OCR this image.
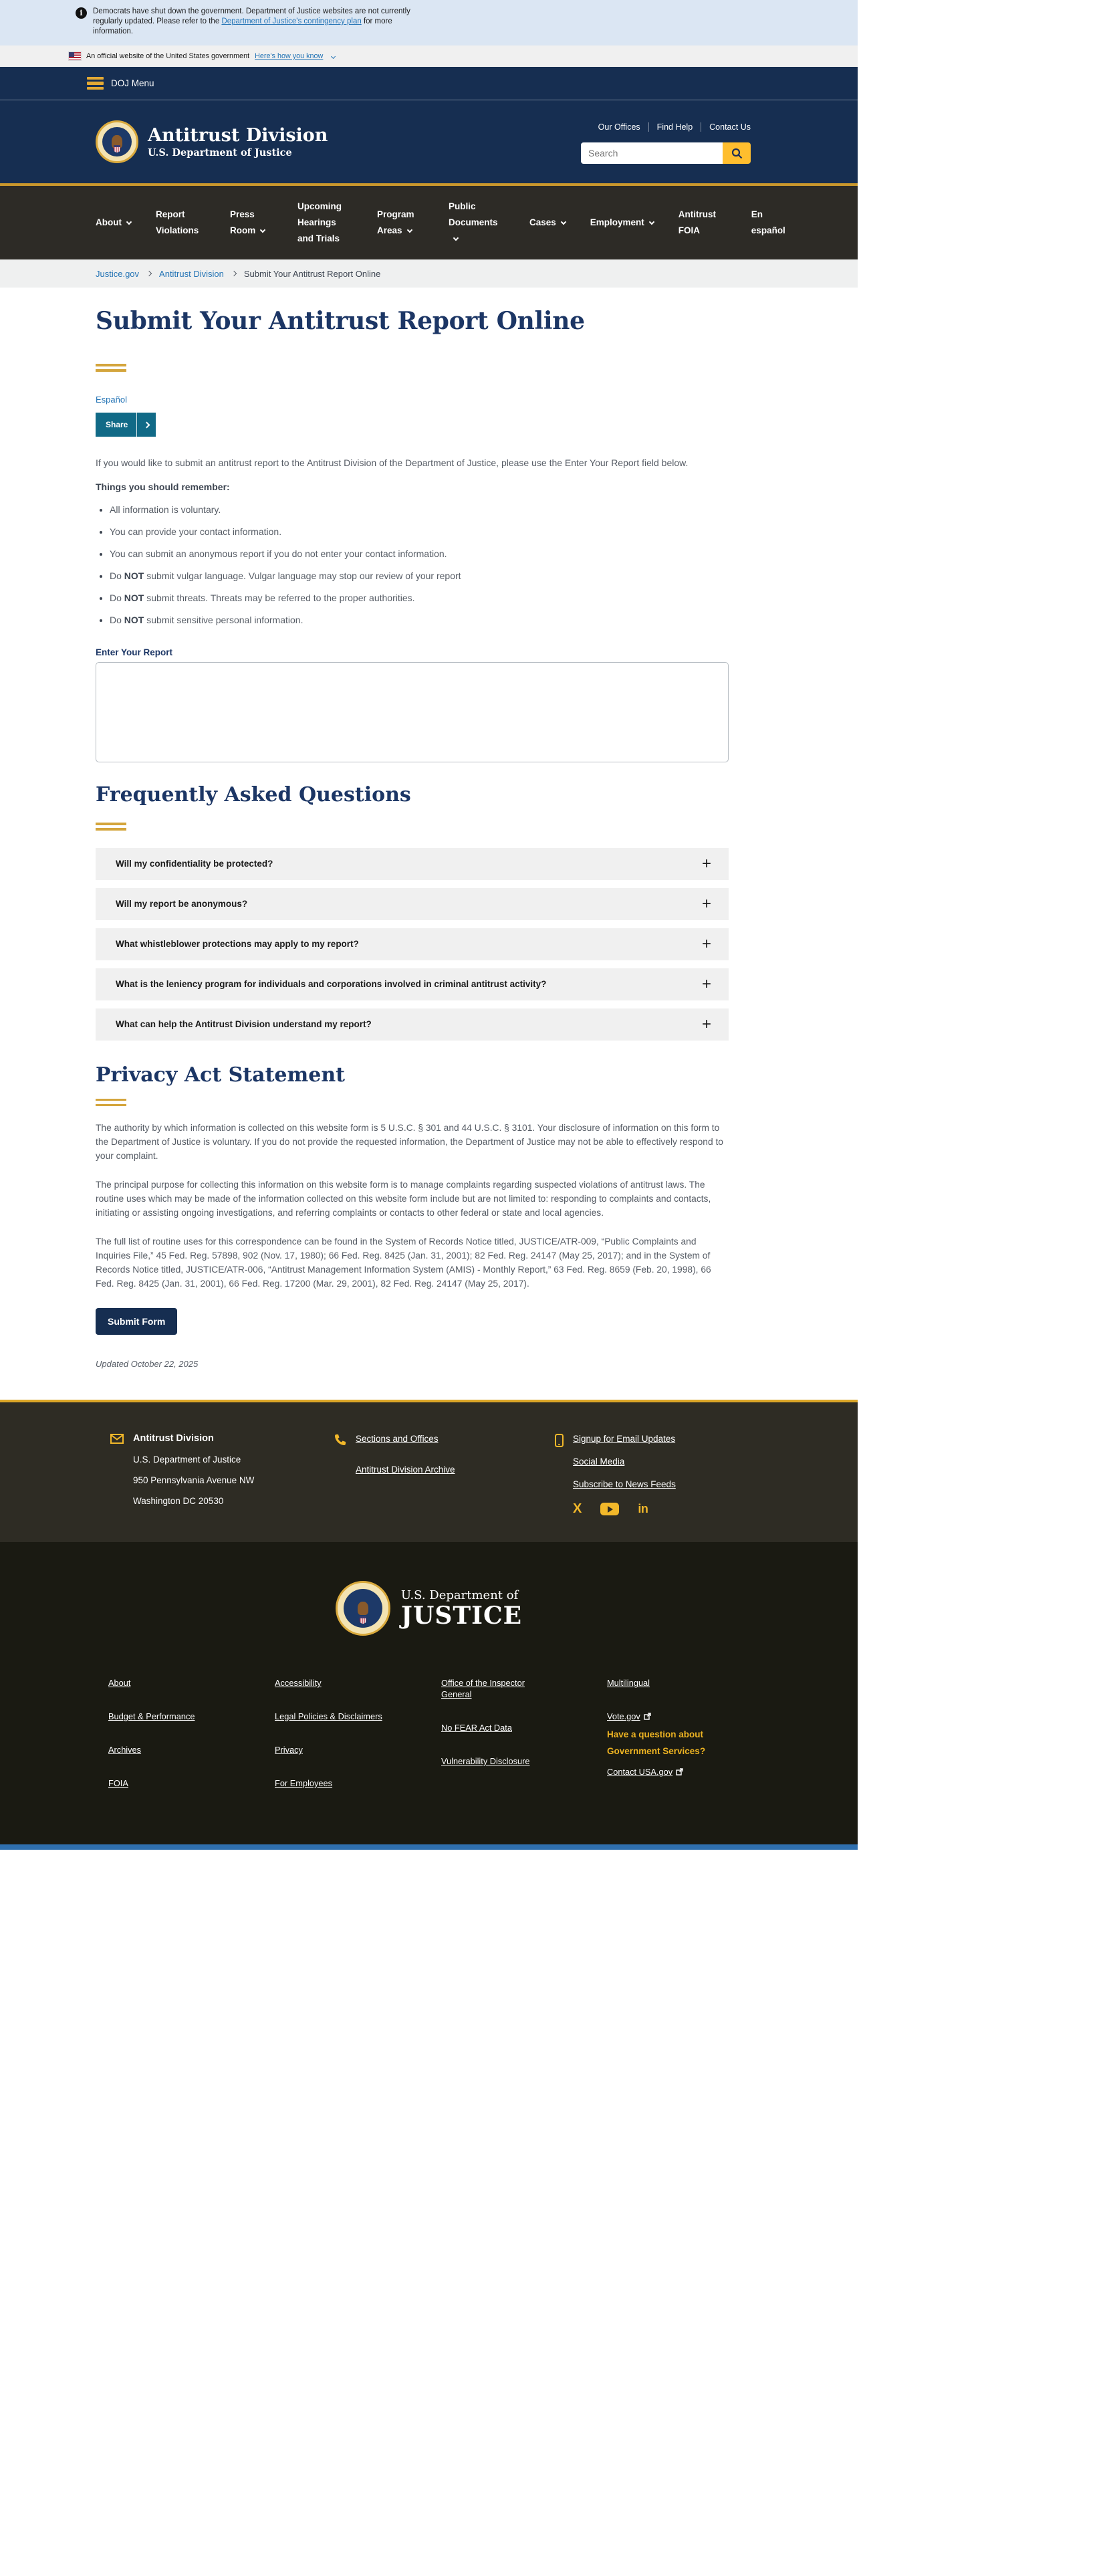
i	Democrats have shut down the government. Department of Justice websites are not currently regularly updated. Please refer to the Department of Justice's contingency plan for more information.

An official website of the United States government Here's how you know
DOJ Menu
Antitrust Division
U.S. Department of Justice
Our Offices	Find Help	Contact Us
Search
About
Report Violations
Press Room
Upcoming Hearings and Trials
Program Areas
Public Documents	Cases	Employment
Antitrust FOIA
En español
Justice.gov Antitrust Division Submit Your Antitrust Report Online
Submit Your Antitrust Report Online
Español

Share

If you would like to submit an antitrust report to the Antitrust Division of the Department of Justice, please use the Enter Your Report field below.

Things you should remember:

• All information is voluntary.
• You can provide your contact information.
• You can submit an anonymous report if you do not enter your contact information.
• Do NOT submit vulgar language. Vulgar language may stop our review of your report
• Do NOT submit threats. Threats may be referred to the proper authorities.
• Do NOT submit sensitive personal information.
Enter Your Report
Frequently Asked Questions
Will my confidentiality be protected?	+
Will my report be anonymous?	+
What whistleblower protections may apply to my report?	+
What is the leniency program for individuals and corporations involved in criminal antitrust activity?	+
What can help the Antitrust Division understand my report?	+
Privacy Act Statement

The authority by which information is collected on this website form is 5 U.S.C. § 301 and 44 U.S.C. § 3101. Your disclosure of information on this form to the Department of Justice is voluntary. If you do not provide the requested information, the Department of Justice may not be able to effectively respond to your complaint.

The principal purpose for collecting this information on this website form is to manage complaints regarding suspected violations of antitrust laws. The routine uses which may be made of the information collected on this website form include but are not limited to: responding to complaints and contacts, initiating or assisting ongoing investigations, and referring complaints or contacts to other federal or state and local agencies.

The full list of routine uses for this correspondence can be found in the System of Records Notice titled, JUSTICE/ATR-009, “Public Complaints and Inquiries File,” 45 Fed. Reg. 57898, 902 (Nov. 17, 1980); 66 Fed. Reg. 8425 (Jan. 31, 2001); 82 Fed. Reg. 24147 (May 25, 2017); and in the System of Records Notice titled, JUSTICE/ATR-006, “Antitrust Management Information System (AMIS) - Monthly Report,” 63 Fed. Reg. 8659 (Feb. 20, 1998), 66 Fed. Reg. 8425 (Jan. 31, 2001), 66 Fed. Reg. 17200 (Mar. 29, 2001), 82 Fed. Reg. 24147 (May 25, 2017).

Submit Form

Updated October 22, 2025

Antitrust Division
U.S. Department of Justice
950 Pennsylvania Avenue NW
Washington DC 20530
Sections and Offices
Antitrust Division Archive
Signup for Email Updates
Social Media
Subscribe to News Feeds
X	in
U.S. Department of
JUSTICE
About
Budget & Performance
Archives
FOIA
Accessibility
Legal Policies & Disclaimers
Privacy
For Employees
Office of the Inspector General
No FEAR Act Data
Vulnerability Disclosure
Multilingual
Vote.gov
Have a question about Government Services?
Contact USA.gov
